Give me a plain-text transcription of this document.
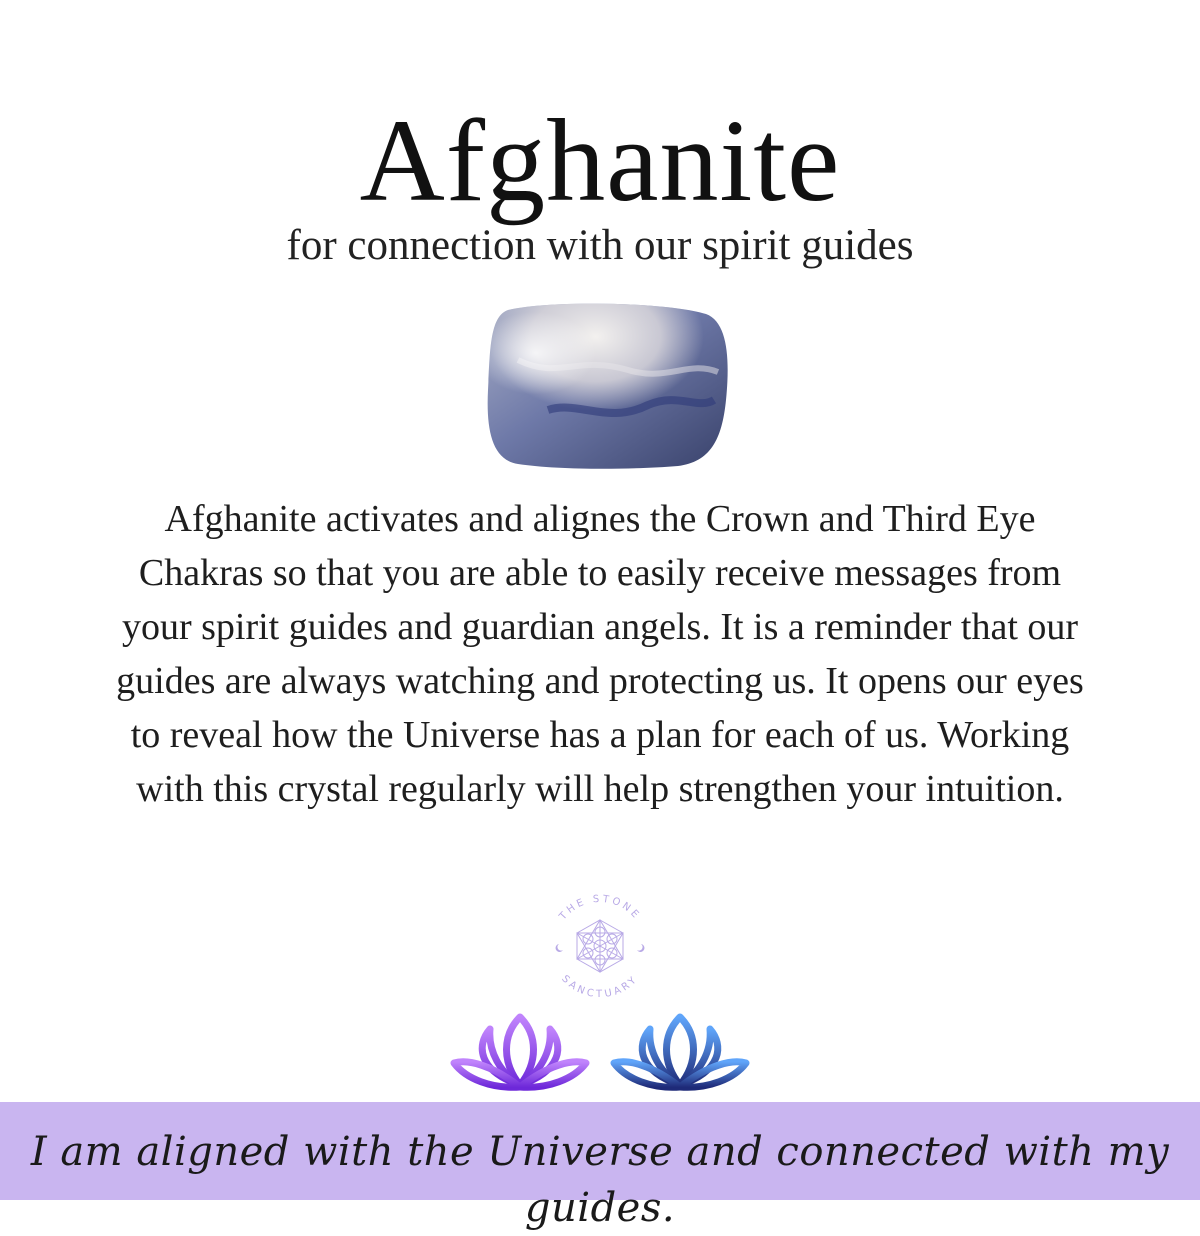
Afghanite
for connection with our spirit guides
Afghanite activates and alignes the Crown and Third Eye Chakras so that you are able to easily receive messages from your spirit guides and guardian angels. It is a reminder that our guides are always watching and protecting us. It opens our eyes to reveal how the Universe has a plan for each of us. Working with this crystal regularly will help strengthen your intuition.
THE STONE
SANCTUARY
I am aligned with the Universe and connected with my guides.
